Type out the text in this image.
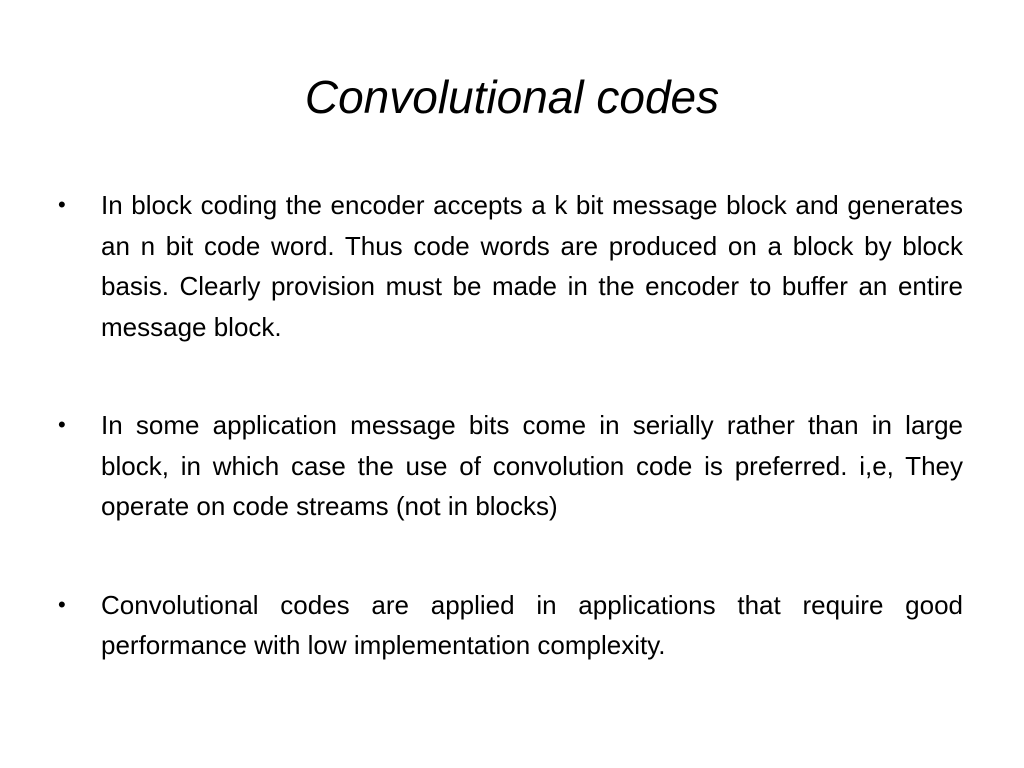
Convolutional codes
•	In block coding the encoder accepts a k bit message block and generates an n bit code word. Thus code words are produced on a block by block basis. Clearly provision must be made in the encoder to buffer an entire message block.
•	In some application message bits come in serially rather than in large block, in which case the use of convolution code is preferred. i,e, They operate on code streams (not in blocks)
•	Convolutional codes are applied in applications that require good performance with low implementation complexity.
